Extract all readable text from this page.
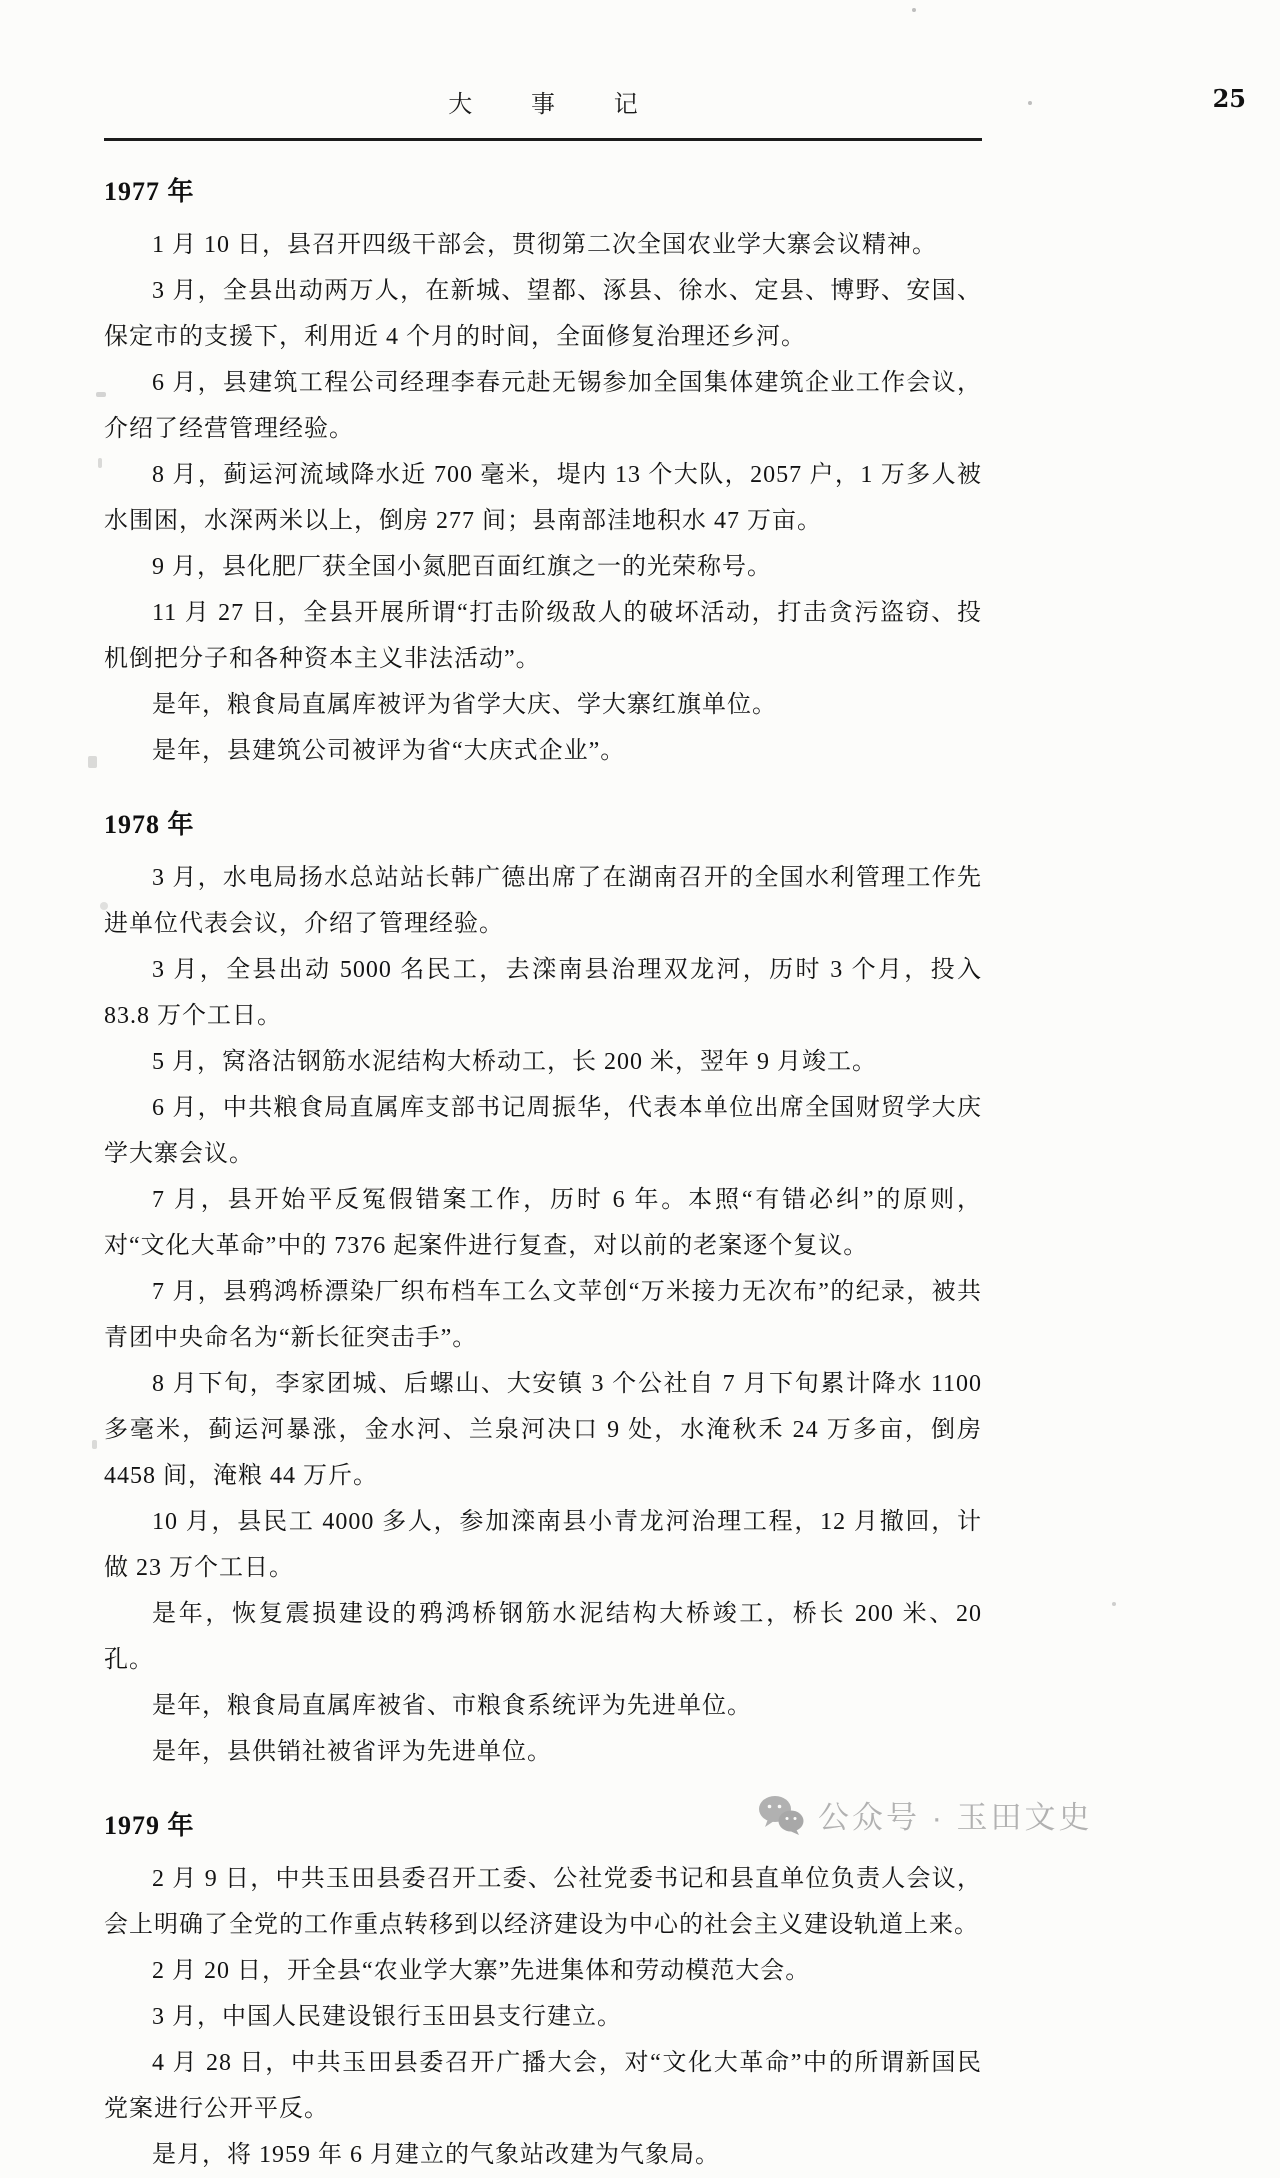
大 事 记
1977 年

1 月 10 日，县召开四级干部会，贯彻第二次全国农业学大寨会议精神。

3 月，全县出动两万人，在新城、望都、涿县、徐水、定县、博野、安国、保定市的支援下，利用近 4 个月的时间，全面修复治理还乡河。

6 月，县建筑工程公司经理李春元赴无锡参加全国集体建筑企业工作会议，介绍了经营管理经验。

8 月，蓟运河流域降水近 700 毫米，堤内 13 个大队，2057 户，1 万多人被水围困，水深两米以上，倒房 277 间；县南部洼地积水 47 万亩。

9 月，县化肥厂获全国小氮肥百面红旗之一的光荣称号。

11 月 27 日，全县开展所谓“打击阶级敌人的破坏活动，打击贪污盗窃、投机倒把分子和各种资本主义非法活动”。

是年，粮食局直属库被评为省学大庆、学大寨红旗单位。

是年，县建筑公司被评为省“大庆式企业”。

1978 年

3 月，水电局扬水总站站长韩广德出席了在湖南召开的全国水利管理工作先进单位代表会议，介绍了管理经验。

3 月，全县出动 5000 名民工，去滦南县治理双龙河，历时 3 个月，投入 83.8 万个工日。

5 月，窝洛沽钢筋水泥结构大桥动工，长 200 米，翌年 9 月竣工。

6 月，中共粮食局直属库支部书记周振华，代表本单位出席全国财贸学大庆学大寨会议。

7 月，县开始平反冤假错案工作，历时 6 年。本照“有错必纠”的原则，对“文化大革命”中的 7376 起案件进行复查，对以前的老案逐个复议。

7 月，县鸦鸿桥漂染厂织布档车工么文苹创“万米接力无次布”的纪录，被共青团中央命名为“新长征突击手”。

8 月下旬，李家团城、后螺山、大安镇 3 个公社自 7 月下旬累计降水 1100 多毫米，蓟运河暴涨，金水河、兰泉河决口 9 处，水淹秋禾 24 万多亩，倒房 4458 间，淹粮 44 万斤。

10 月，县民工 4000 多人，参加滦南县小青龙河治理工程，12 月撤回，计做 23 万个工日。

是年，恢复震损建设的鸦鸿桥钢筋水泥结构大桥竣工，桥长 200 米、20 孔。

是年，粮食局直属库被省、市粮食系统评为先进单位。

是年，县供销社被省评为先进单位。

1979 年

2 月 9 日，中共玉田县委召开工委、公社党委书记和县直单位负责人会议，会上明确了全党的工作重点转移到以经济建设为中心的社会主义建设轨道上来。

2 月 20 日，开全县“农业学大寨”先进集体和劳动模范大会。

3 月，中国人民建设银行玉田县支行建立。

4 月 28 日，中共玉田县委召开广播大会，对“文化大革命”中的所谓新国民党案进行公开平反。

是月，将 1959 年 6 月建立的气象站改建为气象局。

25
公众号 · 玉田文史
